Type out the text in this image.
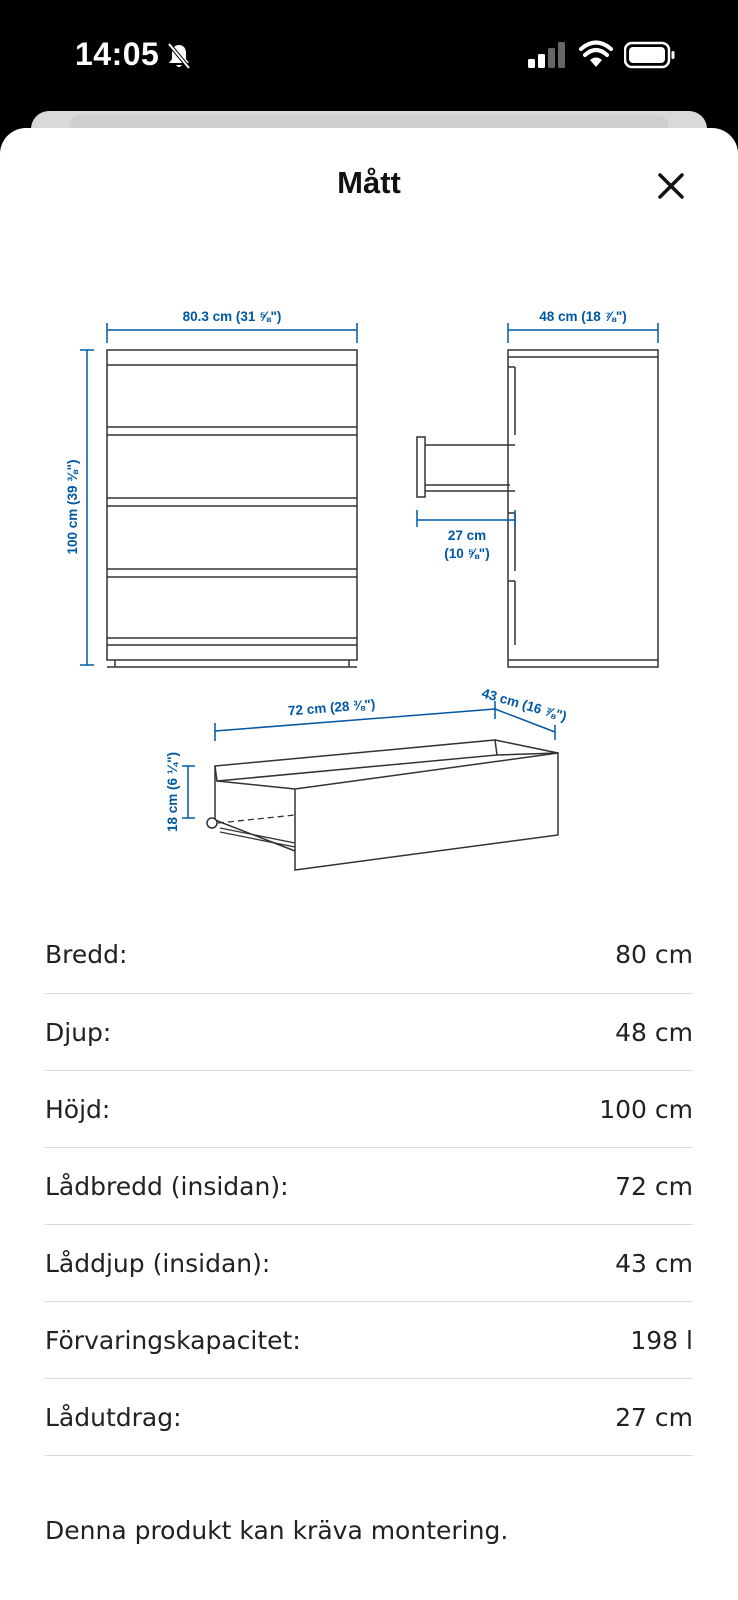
14:05
Mått
80.3 cm (31 ⅝")	48 cm (18 ⅞")
100 cm (39 ⅜")	27 cm
(10 ⅝")
72 cm (28 ⅜")	43 cm (16 ⅞")
18 cm (6 ¼")
Bredd:	80 cm
Djup:	48 cm
Höjd:	100 cm
Lådbredd (insidan):	72 cm
Låddjup (insidan):	43 cm
Förvaringskapacitet:	198 l
Lådutdrag:	27 cm
Denna produkt kan kräva montering.
